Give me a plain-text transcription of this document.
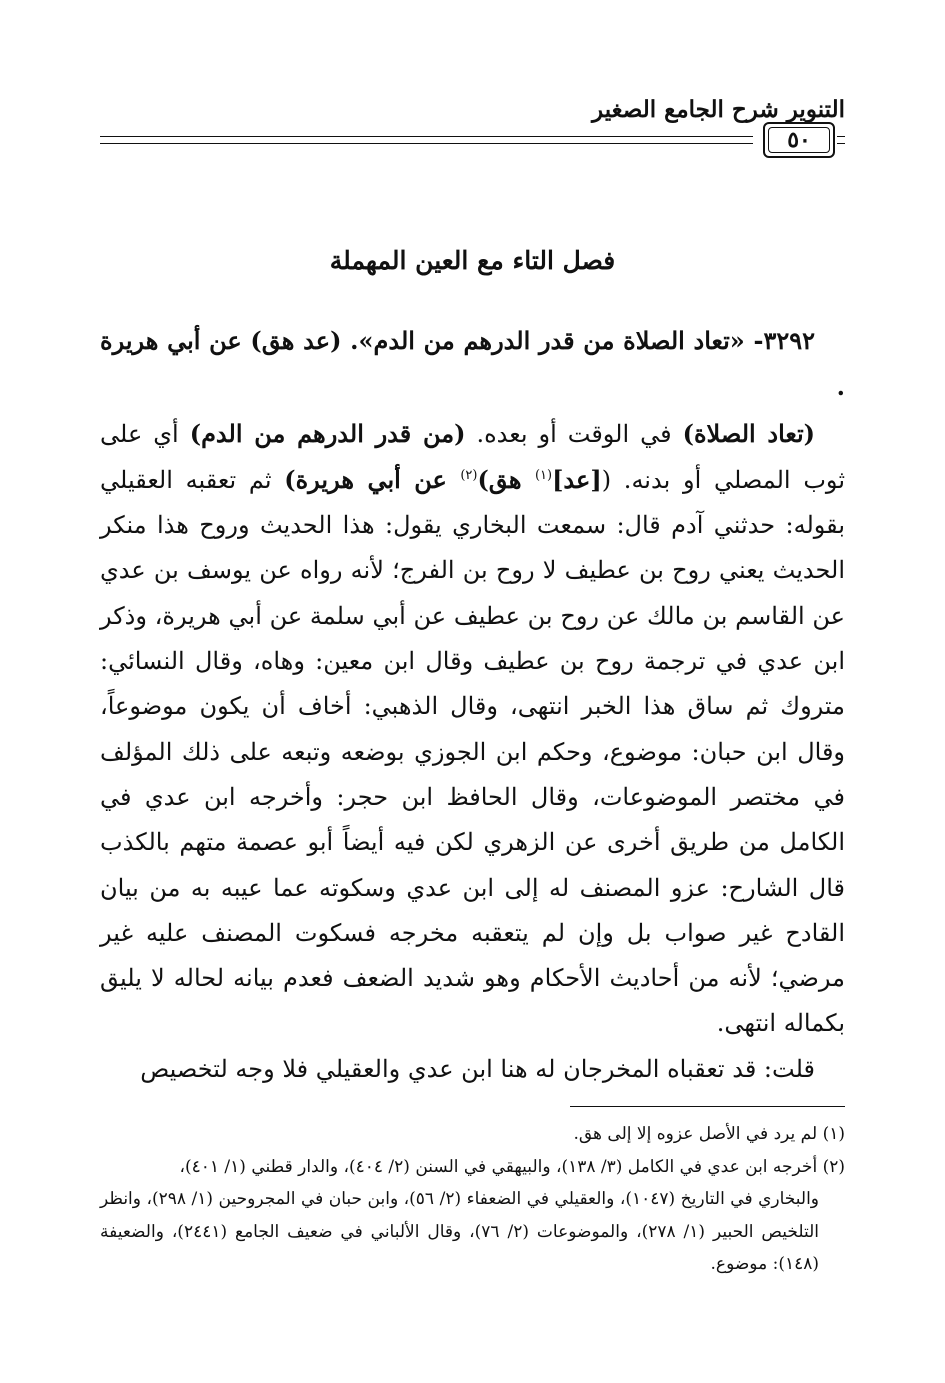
التنوير شرح الجامع الصغير
٥٠
فصل التاء مع العين المهملة

٣٢٩٢- «تعاد الصلاة من قدر الدرهم من الدم». (عد هق) عن أبي هريرة .

(تعاد الصلاة) في الوقت أو بعده. (من قدر الدرهم من الدم) أي على ثوب المصلي أو بدنه. ([عد]$^{(١)}$ هق)$^{(٢)}$ عن أبي هريرة) ثم تعقبه العقيلي بقوله: حدثني آدم قال: سمعت البخاري يقول: هذا الحديث وروح هذا منكر الحديث يعني روح بن عطيف لا روح بن الفرج؛ لأنه رواه عن يوسف بن عدي عن القاسم بن مالك عن روح بن عطيف عن أبي سلمة عن أبي هريرة، وذكر ابن عدي في ترجمة روح بن عطيف وقال ابن معين: وهاه، وقال النسائي: متروك ثم ساق هذا الخبر انتهى، وقال الذهبي: أخاف أن يكون موضوعاً، وقال ابن حبان: موضوع، وحكم ابن الجوزي بوضعه وتبعه على ذلك المؤلف في مختصر الموضوعات، وقال الحافظ ابن حجر: وأخرجه ابن عدي في الكامل من طريق أخرى عن الزهري لكن فيه أيضاً أبو عصمة متهم بالكذب قال الشارح: عزو المصنف له إلى ابن عدي وسكوته عما عيبه به من بيان القادح غير صواب بل وإن لم يتعقبه مخرجه فسكوت المصنف عليه غير مرضي؛ لأنه من أحاديث الأحكام وهو شديد الضعف فعدم بيانه لحاله لا يليق بكماله انتهى.

قلت: قد تعقباه المخرجان له هنا ابن عدي والعقيلي فلا وجه لتخصيص

(١) لم يرد في الأصل عزوه إلا إلى هق.

(٢) أخرجه ابن عدي في الكامل (٣/ ١٣٨)، والبيهقي في السنن (٢/ ٤٠٤)، والدار قطني (١/ ٤٠١)،

والبخاري في التاريخ (١٠٤٧)، والعقيلي في الضعفاء (٢/ ٥٦)، وابن حبان في المجروحين (١/ ٢٩٨)، وانظر التلخيص الحبير (١/ ٢٧٨)، والموضوعات (٢/ ٧٦)، وقال الألباني في ضعيف الجامع (٢٤٤١)، والضعيفة (١٤٨): موضوع.
